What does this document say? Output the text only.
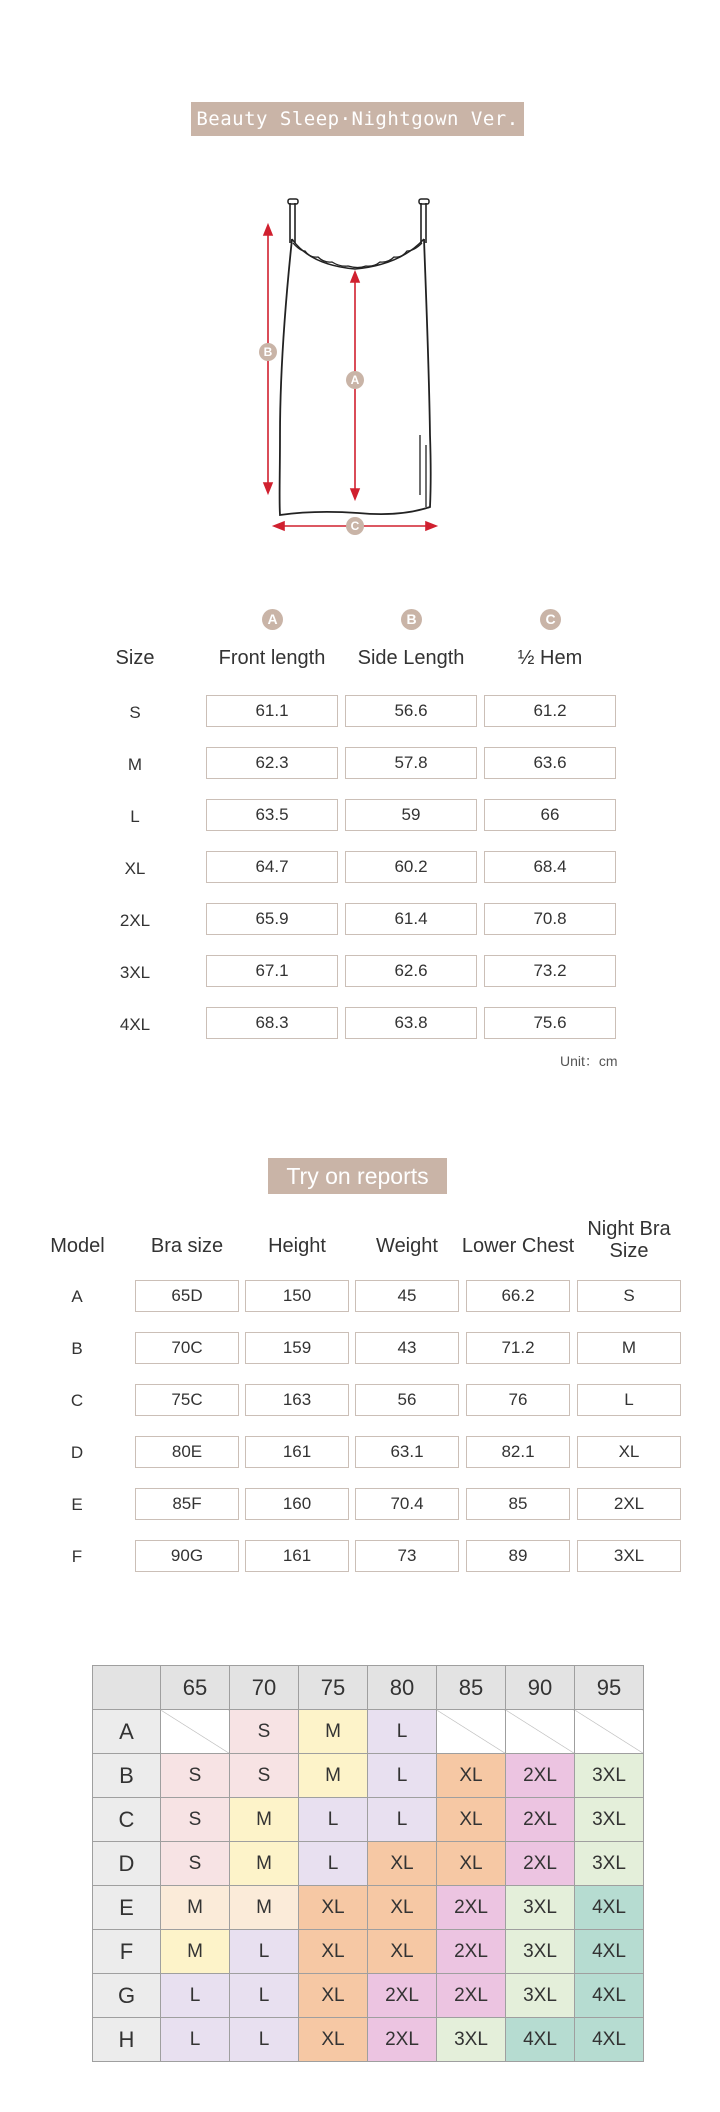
Beauty Sleep·Nightgown Ver.
B
A
C
Unit：cm
Try on reports
	65	70	75	80	85	90	95
A		S	M	L			
B	S	S	M	L	XL	2XL	3XL
C	S	M	L	L	XL	2XL	3XL
D	S	M	L	XL	XL	2XL	3XL
E	M	M	XL	XL	2XL	3XL	4XL
F	M	L	XL	XL	2XL	3XL	4XL
G	L	L	XL	2XL	2XL	3XL	4XL
H	L	L	XL	2XL	3XL	4XL	4XL
Size
A
Front length
B
Side Length
C
½ Hem
S	61.1	56.6	61.2
M	62.3	57.8	63.6
L	63.5	59	66
XL	64.7	60.2	68.4
2XL	65.9	61.4	70.8
3XL	67.1	62.6	73.2
4XL	68.3	63.8	75.6
Model	Bra size	Height	Weight	Lower Chest
Night Bra Size
A	65D	150	45	66.2	S
B	70C	159	43	71.2	M
C	75C	163	56	76	L
D	80E	161	63.1	82.1	XL
E	85F	160	70.4	85	2XL
F	90G	161	73	89	3XL
